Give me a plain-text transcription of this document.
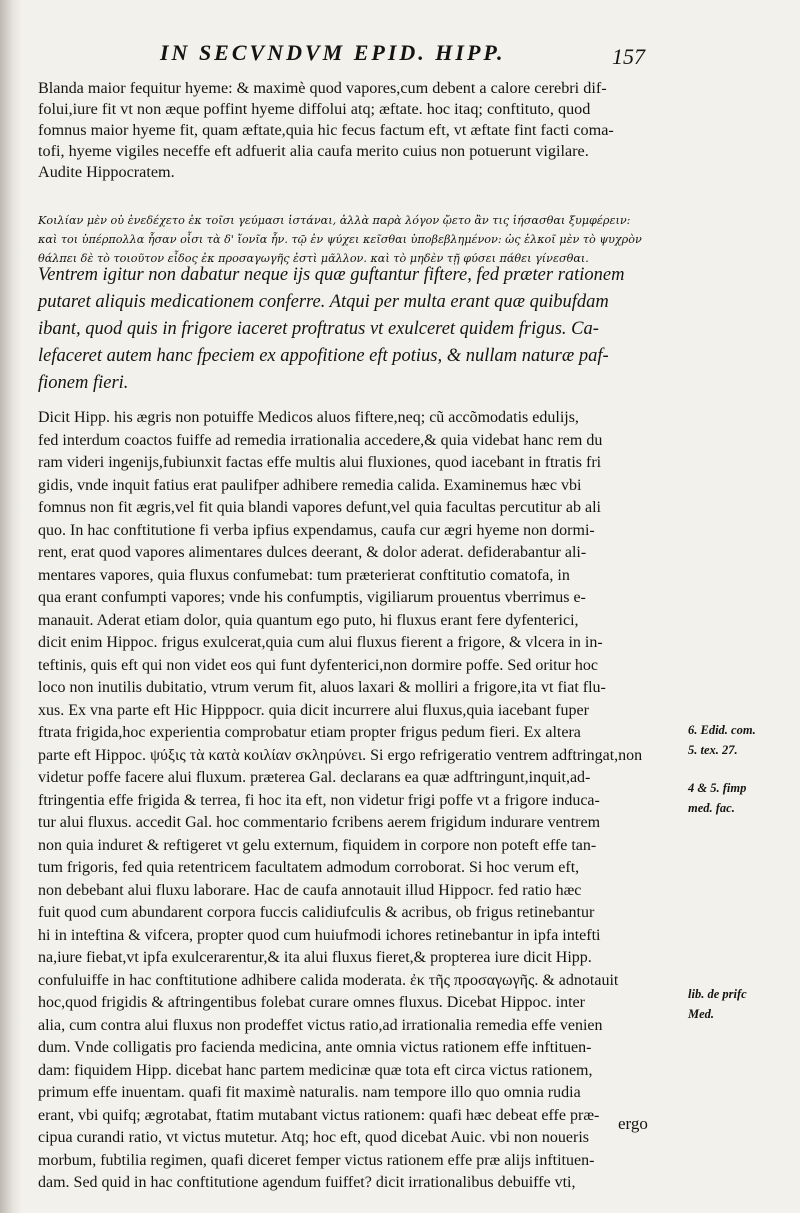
IN SECVNDVM EPID. HIPP.	157
Blanda maior fequitur hyeme: & maximè quod vapores,cum debent a calore cerebri dif-
folui,iure fit vt non æque poffint hyeme diffolui atq; æftate. hoc itaq; conftituto, quod
fomnus maior hyeme fit, quam æftate,quia hic fecus factum eft, vt æftate fint facti coma-
tofi, hyeme vigiles neceffe eft adfuerit alia caufa merito cuius non potuerunt vigilare.
Audite Hippocratem.
Κοιλίαν μὲν οὐ ἐνεδέχετο ἐκ τοῖσι γεύμασι ἱστάναι, ἀλλὰ παρὰ λόγον ᾤετο ἂν τις ἰήσασθαι ξυμφέρειν:
καὶ τοι ὑπέρπολλα ἦσαν οἷσι τὰ δ' ἴονῖα ἦν. τῷ ἐν ψύχει κεῖσθαι ὑποβεβλημένον: ὡς ἑλκοῖ μὲν τὸ ψυχρὸν
θάλπει δὲ τὸ τοιοῦτον εἶδος ἐκ προσαγωγῆς ἐστὶ μᾶλλον. καὶ τὸ μηδὲν τῇ φύσει πάθει γίνεσθαι.
Ventrem igitur non dabatur neque ijs quæ guftantur fiftere, fed præter rationem
putaret aliquis medicationem conferre. Atqui per multa erant quæ quibufdam
ibant, quod quis in frigore iaceret proftratus vt exulceret quidem frigus. Ca-
lefaceret autem hanc fpeciem ex appofitione eft potius, & nullam naturæ paf-
fionem fieri.
Dicit Hipp. his ægris non potuiffe Medicos aluos fiftere,neq; cũ accõmodatis edulijs,
fed interdum coactos fuiffe ad remedia irrationalia accedere,& quia videbat hanc rem du
ram videri ingenijs,fubiunxit factas effe multis alui fluxiones, quod iacebant in ftratis fri
gidis, vnde inquit fatius erat paulifper adhibere remedia calida. Examinemus hæc vbi
fomnus non fit ægris,vel fit quia blandi vapores defunt,vel quia facultas percutitur ab ali
quo. In hac conftitutione fi verba ipfius expendamus, caufa cur ægri hyeme non dormi-
rent, erat quod vapores alimentares dulces deerant, & dolor aderat. defiderabantur ali-
mentares vapores, quia fluxus confumebat: tum præterierat conftitutio comatofa, in
qua erant confumpti vapores; vnde his confumptis, vigiliarum prouentus vberrimus e-
manauit. Aderat etiam dolor, quia quantum ego puto, hi fluxus erant fere dyfenterici,
dicit enim Hippoc. frigus exulcerat,quia cum alui fluxus fierent a frigore, & vlcera in in-
teftinis, quis eft qui non videt eos qui funt dyfenterici,non dormire poffe. Sed oritur hoc
loco non inutilis dubitatio, vtrum verum fit, aluos laxari & molliri a frigore,ita vt fiat flu-
xus. Ex vna parte eft Hic Hipppocr. quia dicit incurrere alui fluxus,quia iacebant fuper
ftrata frigida,hoc experientia comprobatur etiam propter frigus pedum fieri. Ex altera
parte eft Hippoc. ψύξις τὰ κατὰ κοιλίαν σκληρύνει. Si ergo refrigeratio ventrem adftringat,non
videtur poffe facere alui fluxum. præterea Gal. declarans ea quæ adftringunt,inquit,ad-
ftringentia effe frigida & terrea, fi hoc ita eft, non videtur frigi poffe vt a frigore induca-
tur alui fluxus. accedit Gal. hoc commentario fcribens aerem frigidum indurare ventrem
non quia induret & reftigeret vt gelu externum, fiquidem in corpore non poteft effe tan-
tum frigoris, fed quia retentricem facultatem admodum corroborat. Si hoc verum eft,
non debebant alui fluxu laborare. Hac de caufa annotauit illud Hippocr. fed ratio hæc
fuit quod cum abundarent corpora fuccis calidiufculis & acribus, ob frigus retinebantur
hi in inteftina & vifcera, propter quod cum huiufmodi ichores retinebantur in ipfa intefti
na,iure fiebat,vt ipfa exulcerarentur,& ita alui fluxus fieret,& propterea iure dicit Hipp.
confuluiffe in hac conftitutione adhibere calida moderata. ἐκ τῆς προσαγωγῆς. & adnotauit
hoc,quod frigidis & aftringentibus folebat curare omnes fluxus. Dicebat Hippoc. inter
alia, cum contra alui fluxus non prodeffet victus ratio,ad irrationalia remedia effe venien
dum. Vnde colligatis pro facienda medicina, ante omnia victus rationem effe inftituen-
dam: fiquidem Hipp. dicebat hanc partem medicinæ quæ tota eft circa victus rationem,
primum effe inuentam. quafi fit maximè naturalis. nam tempore illo quo omnia rudia
erant, vbi quifq; ægrotabat, ftatim mutabant victus rationem: quafi hæc debeat effe præ-
cipua curandi ratio, vt victus mutetur. Atq; hoc eft, quod dicebat Auic. vbi non noueris
morbum, fubtilia regimen, quafi diceret femper victus rationem effe præ alijs inftituen-
dam. Sed quid in hac conftitutione agendum fuiffet? dicit irrationalibus debuiffe vti,
6. Edid. com.
5. tex. 27.
4 & 5. fimp
med. fac.
lib. de prifc
Med.
ergo
